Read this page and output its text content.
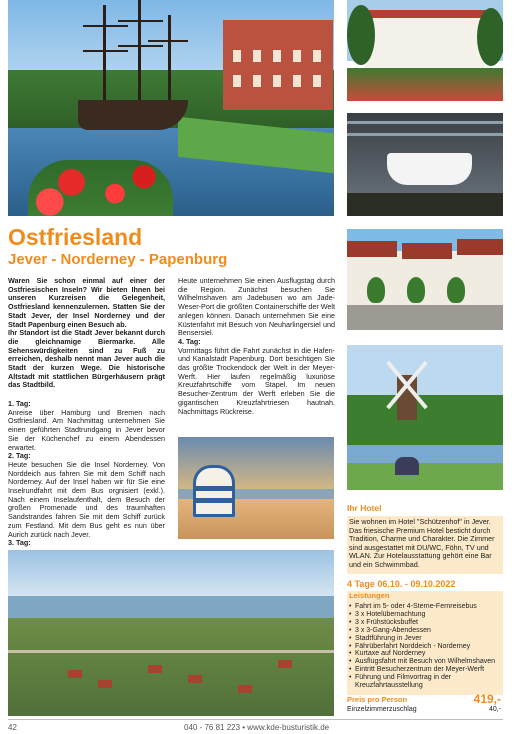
Ostfriesland
Jever - Norderney - Papenburg

Waren Sie schon einmal auf einer der Ostfriesischen Inseln? Wir bieten Ihnen bei unseren Kurzreisen die Gelegenheit, Ostfriesland kennenzulernen. Statten Sie der Stadt Jever, der Insel Norderney und der Stadt Papenburg einen Besuch ab.

Ihr Standort ist die Stadt Jever bekannt durch die gleichnamige Biermarke. Alle Sehenswürdigkeiten sind zu Fuß zu erreichen, deshalb nennt man Jever auch die Stadt der kurzen Wege. Die historische Altstadt mit stattlichen Bürgerhäusern prägt das Stadtbild.

1. Tag:

Anreise über Hamburg und Bremen nach Ostfriesland. Am Nachmittag unternehmen Sie einen geführten Stadtrundgang in Jever bevor Sie der Küchenchef zu einem Abendessen erwartet.

2. Tag:

Heute besuchen Sie die Insel Norderney. Von Norddeich aus fahren Sie mit dem Schiff nach Norderney. Auf der Insel haben wir für Sie eine Inselrundfahrt mit dem Bus orgnisiert (exkl.). Nach einem Inselaufenthalt, dem Besuch der großen Promenade und des traumhaften Sandstrandes fahren Sie mit dem Schiff zurück zum Festland. Mit dem Bus geht es nun über Aurich zurück nach Jever.

3. Tag:

Heute unternehmen Sie einen Ausflugstag durch die Region. Zunächst besuchen Sie Wilhelmshaven am Jadebusen wo am Jade-Weser-Port die größten Containerschiffe der Welt anlegen können. Danach unternehmen Sie eine Küstenfahrt mit Besuch von Neuharlingersiel und Bensersiel.

4. Tag:

Vormittags führt die Fahrt zunächst in die Hafen- und Kanalstadt Papenburg. Dort besichtigen Sie das größte Trockendock der Welt in der Meyer-Werft. Hier laufen regelmäßig luxuriöse Kreuzfahrtschiffe vom Stapel. Im neuen Besucher-Zentrum der Werft erleben Sie die gigantischen Kreuzfahrtriesen hautnah. Nachmittags Rückreise.

Ihr Hotel
Sie wohnen im Hotel "Schützenhof" in Jever. Das friesische Premium Hotel besticht durch Tradition, Charme und Charakter. Die Zimmer sind ausgestattet mit DU/WC, Föhn, TV und WLAN. Zur Hotelausstattung gehört eine Bar und ein Schwimmbad.
4 Tage 06.10. - 09.10.2022
Leistungen
• Fahrt im 5- oder 4-Sterne-Fernreisebus
• 3 x Hotelübernachtung
• 3 x Frühstücksbuffet
• 3 x 3-Gang-Abendessen
• Stadtführung in Jever
• Fährüberfahrt Norddeich - Norderney
• Kurtaxe auf Norderney
• Ausflugsfahrt mit Besuch von Wilhelmshaven
• Eintritt Besucherzentrum der Meyer-Werft
• Führung und Filmvortrag in der Kreuzfahrtausstellung
Preis pro Person	419,-
Einzelzimmerzuschlag	40,-
42	040 - 76 81 223 • www.kde-busturistik.de
